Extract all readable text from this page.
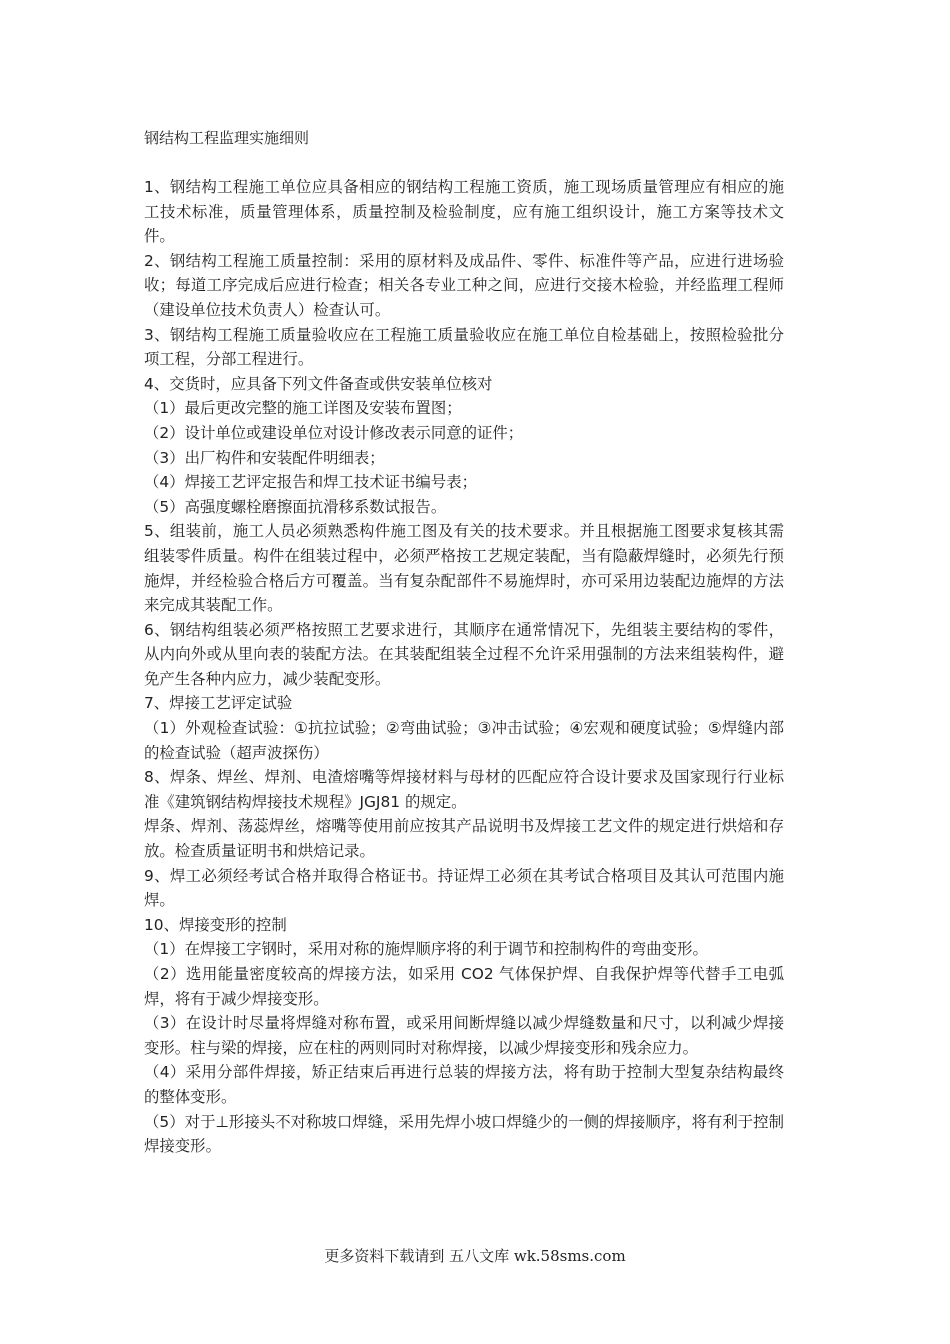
钢结构工程监理实施细则

1、钢结构工程施工单位应具备相应的钢结构工程施工资质，施工现场质量管理应有相应的施工技术标准，质量管理体系，质量控制及检验制度，应有施工组织设计，施工方案等技术文件。

2、钢结构工程施工质量控制：采用的原材料及成品件、零件、标准件等产品，应进行进场验收；每道工序完成后应进行检查；相关各专业工种之间，应进行交接木检验，并经监理工程师（建设单位技术负责人）检查认可。

3、钢结构工程施工质量验收应在工程施工质量验收应在施工单位自检基础上，按照检验批分项工程，分部工程进行。

4、交货时，应具备下列文件备查或供安装单位核对

（1）最后更改完整的施工详图及安装布置图；

（2）设计单位或建设单位对设计修改表示同意的证件；

（3）出厂构件和安装配件明细表；

（4）焊接工艺评定报告和焊工技术证书编号表；

（5）高强度螺栓磨擦面抗滑移系数试报告。

5、组装前，施工人员必须熟悉构件施工图及有关的技术要求。并且根据施工图要求复核其需组装零件质量。构件在组装过程中，必须严格按工艺规定装配，当有隐蔽焊缝时，必须先行预施焊，并经检验合格后方可覆盖。当有复杂配部件不易施焊时，亦可采用边装配边施焊的方法来完成其装配工作。

6、钢结构组装必须严格按照工艺要求进行，其顺序在通常情况下，先组装主要结构的零件，从内向外或从里向表的装配方法。在其装配组装全过程不允许采用强制的方法来组装构件，避免产生各种内应力，减少装配变形。

7、焊接工艺评定试验

（1）外观检查试验：①抗拉试验；②弯曲试验；③冲击试验；④宏观和硬度试验；⑤焊缝内部的检查试验（超声波探伤）

8、焊条、焊丝、焊剂、电渣熔嘴等焊接材料与母材的匹配应符合设计要求及国家现行行业标准《建筑钢结构焊接技术规程》JGJ81 的规定。

焊条、焊剂、荡蕊焊丝，熔嘴等使用前应按其产品说明书及焊接工艺文件的规定进行烘焙和存放。检查质量证明书和烘焙记录。

9、焊工必须经考试合格并取得合格证书。持证焊工必须在其考试合格项目及其认可范围内施焊。

10、焊接变形的控制

（1）在焊接工字钢时，采用对称的施焊顺序将的利于调节和控制构件的弯曲变形。

（2）选用能量密度较高的焊接方法，如采用 CO2 气体保护焊、自我保护焊等代替手工电弧焊，将有于减少焊接变形。

（3）在设计时尽量将焊缝对称布置，或采用间断焊缝以减少焊缝数量和尺寸，以利减少焊接变形。柱与梁的焊接，应在柱的两则同时对称焊接，以减少焊接变形和残余应力。

（4）采用分部件焊接，矫正结束后再进行总装的焊接方法，将有助于控制大型复杂结构最终的整体变形。

（5）对于⊥形接头不对称坡口焊缝，采用先焊小坡口焊缝少的一侧的焊接顺序，将有利于控制焊接变形。

更多资料下载请到 五八文库 wk.58sms.com
